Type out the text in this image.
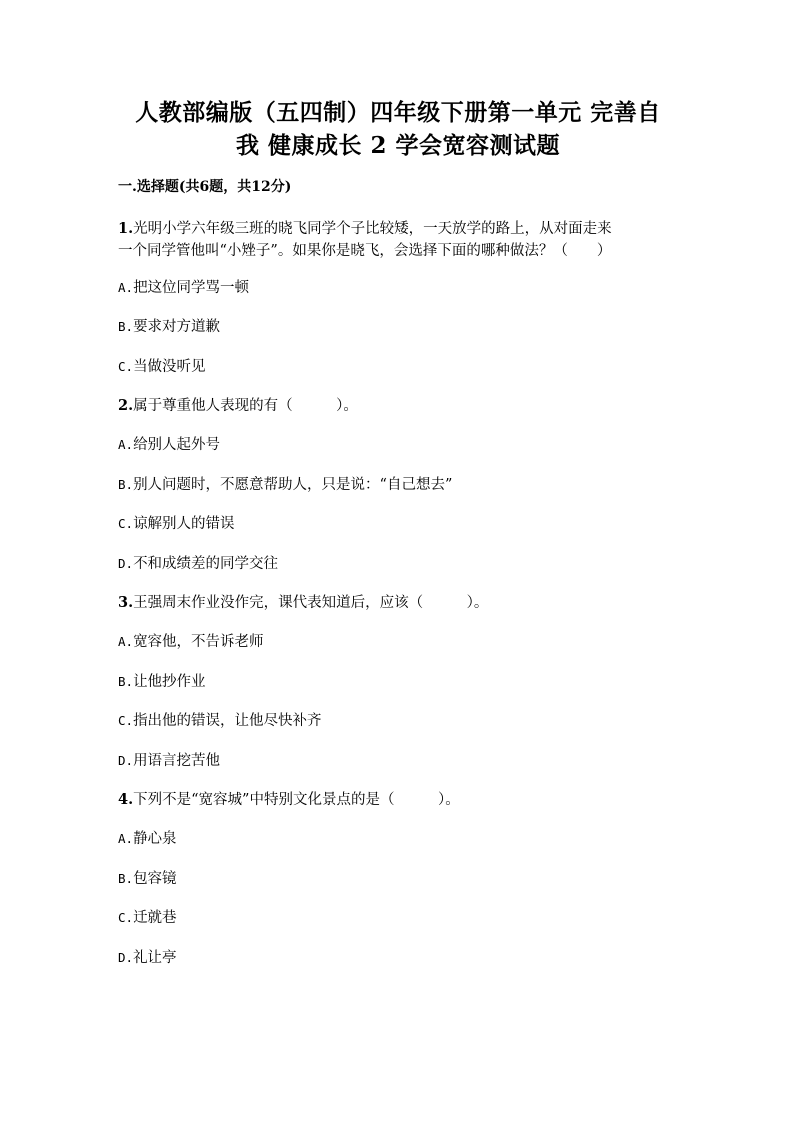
人教部编版（五四制）四年级下册第一单元 完善自
我 健康成长 2 学会宽容测试题
一.选择题(共6题，共12分)
1.光明小学六年级三班的晓飞同学个子比较矮，一天放学的路上，从对面走来
一个同学管他叫“小矬子”。如果你是晓飞，会选择下面的哪种做法？（　　）
A.把这位同学骂一顿
B.要求对方道歉
C.当做没听见
2.属于尊重他人表现的有（　　　）。
A.给别人起外号
B.别人问题时，不愿意帮助人，只是说：“自己想去”
C.谅解别人的错误
D.不和成绩差的同学交往
3.王强周末作业没作完，课代表知道后，应该（　　　）。
A.宽容他，不告诉老师
B.让他抄作业
C.指出他的错误，让他尽快补齐
D.用语言挖苦他
4.下列不是“宽容城”中特别文化景点的是（　　　）。
A.静心泉
B.包容镜
C.迁就巷
D.礼让亭
